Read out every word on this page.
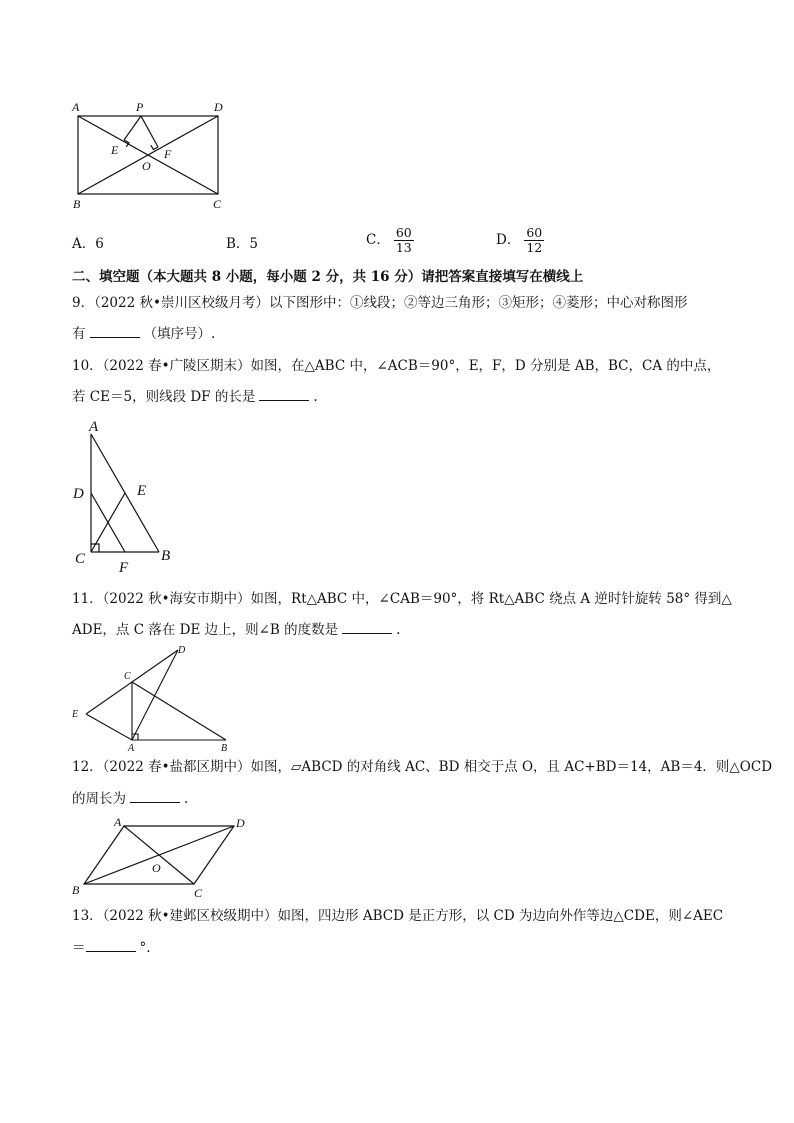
A	P	D
E	F
O
B	C
A．6	B．5	C． $\frac{60}{13}$	D． $\frac{60}{12}$
二、填空题（本大题共 8 小题，每小题 2 分，共 16 分）请把答案直接填写在横线上
9．（2022 秋•崇川区校级月考）以下图形中：①线段；②等边三角形；③矩形；④菱形；中心对称图形
有	（填序号）.
10．（2022 春•广陵区期末）如图，在△ABC 中，∠ACB＝90°，E，F，D 分别是 AB，BC，CA 的中点，
若 CE＝5，则线段 DF 的长是	.
A
D	E
C
F
B
11．（2022 秋•海安市期中）如图，Rt△ABC 中，∠CAB＝90°，将 Rt△ABC 绕点 A 逆时针旋转 58° 得到△
ADE，点 C 落在 DE 边上，则∠B 的度数是	.
D
C
E
A	B
12．（2022 春•盐都区期中）如图，▱ABCD 的对角线 AC、BD 相交于点 O，且 AC+BD＝14，AB＝4．则△OCD
的周长为	.
A	D
O
B	C
13．（2022 秋•建邺区校级期中）如图，四边形 ABCD 是正方形，以 CD 为边向外作等边△CDE，则∠AEC
＝	°.
